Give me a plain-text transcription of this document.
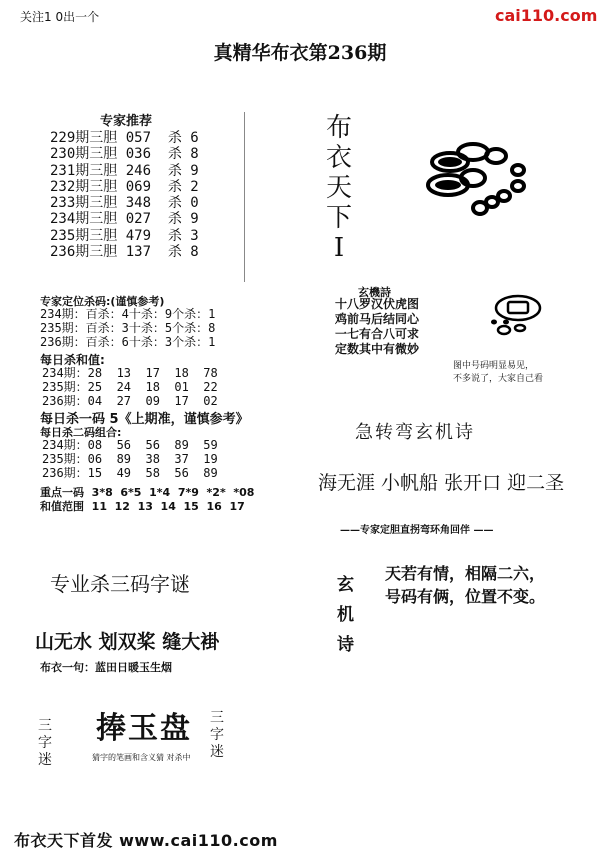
关注1 0出一个	cai110.com
真精华布衣第236期
专家推荐
229期三胆 057  杀 6
230期三胆 036  杀 8
231期三胆 246  杀 9
232期三胆 069  杀 2
233期三胆 348  杀 0
234期三胆 027  杀 9
235期三胆 479  杀 3
236期三胆 137  杀 8
专家定位杀码:(谨慎参考)
234期：百杀：4十杀：9个杀：1
235期：百杀：3十杀：5个杀：8
236期：百杀：6十杀：3个杀：1
每日杀和值:
234期：28  13  17  18  78
235期：25  24  18  01  22
236期：04  27  09  17  02
每日杀一码 5《上期准，谨慎参考》
每日杀二码组合:
234期：08  56  56  89  59
235期：06  89  38  37  19
236期：15  49  58  56  89
重点一码  3*8  6*5  1*4  7*9  *2*  *08
和值范围  11  12  13  14  15  16  17
专业杀三码字谜
山无水 划双桨 缝大褂
布衣一句：蓝田日暖玉生烟
三
字
迷
捧玉盘
猜字的笔画和含义猜 对杀中
三
字
迷
布衣天下首发 www.cai110.com
布
衣
天
下
I
玄機詩
十八罗汉伏虎图
鸡前马后结同心
一七有合八可求
定数其中有微妙
图中号码明显易见，
不多说了，大家自己看
急转弯玄机诗
海无涯 小帆船 张开口 迎二圣
——专家定胆直拐弯环角回伴 ——
玄
机
诗
天若有情，相隔二六，
号码有俩，位置不变。
